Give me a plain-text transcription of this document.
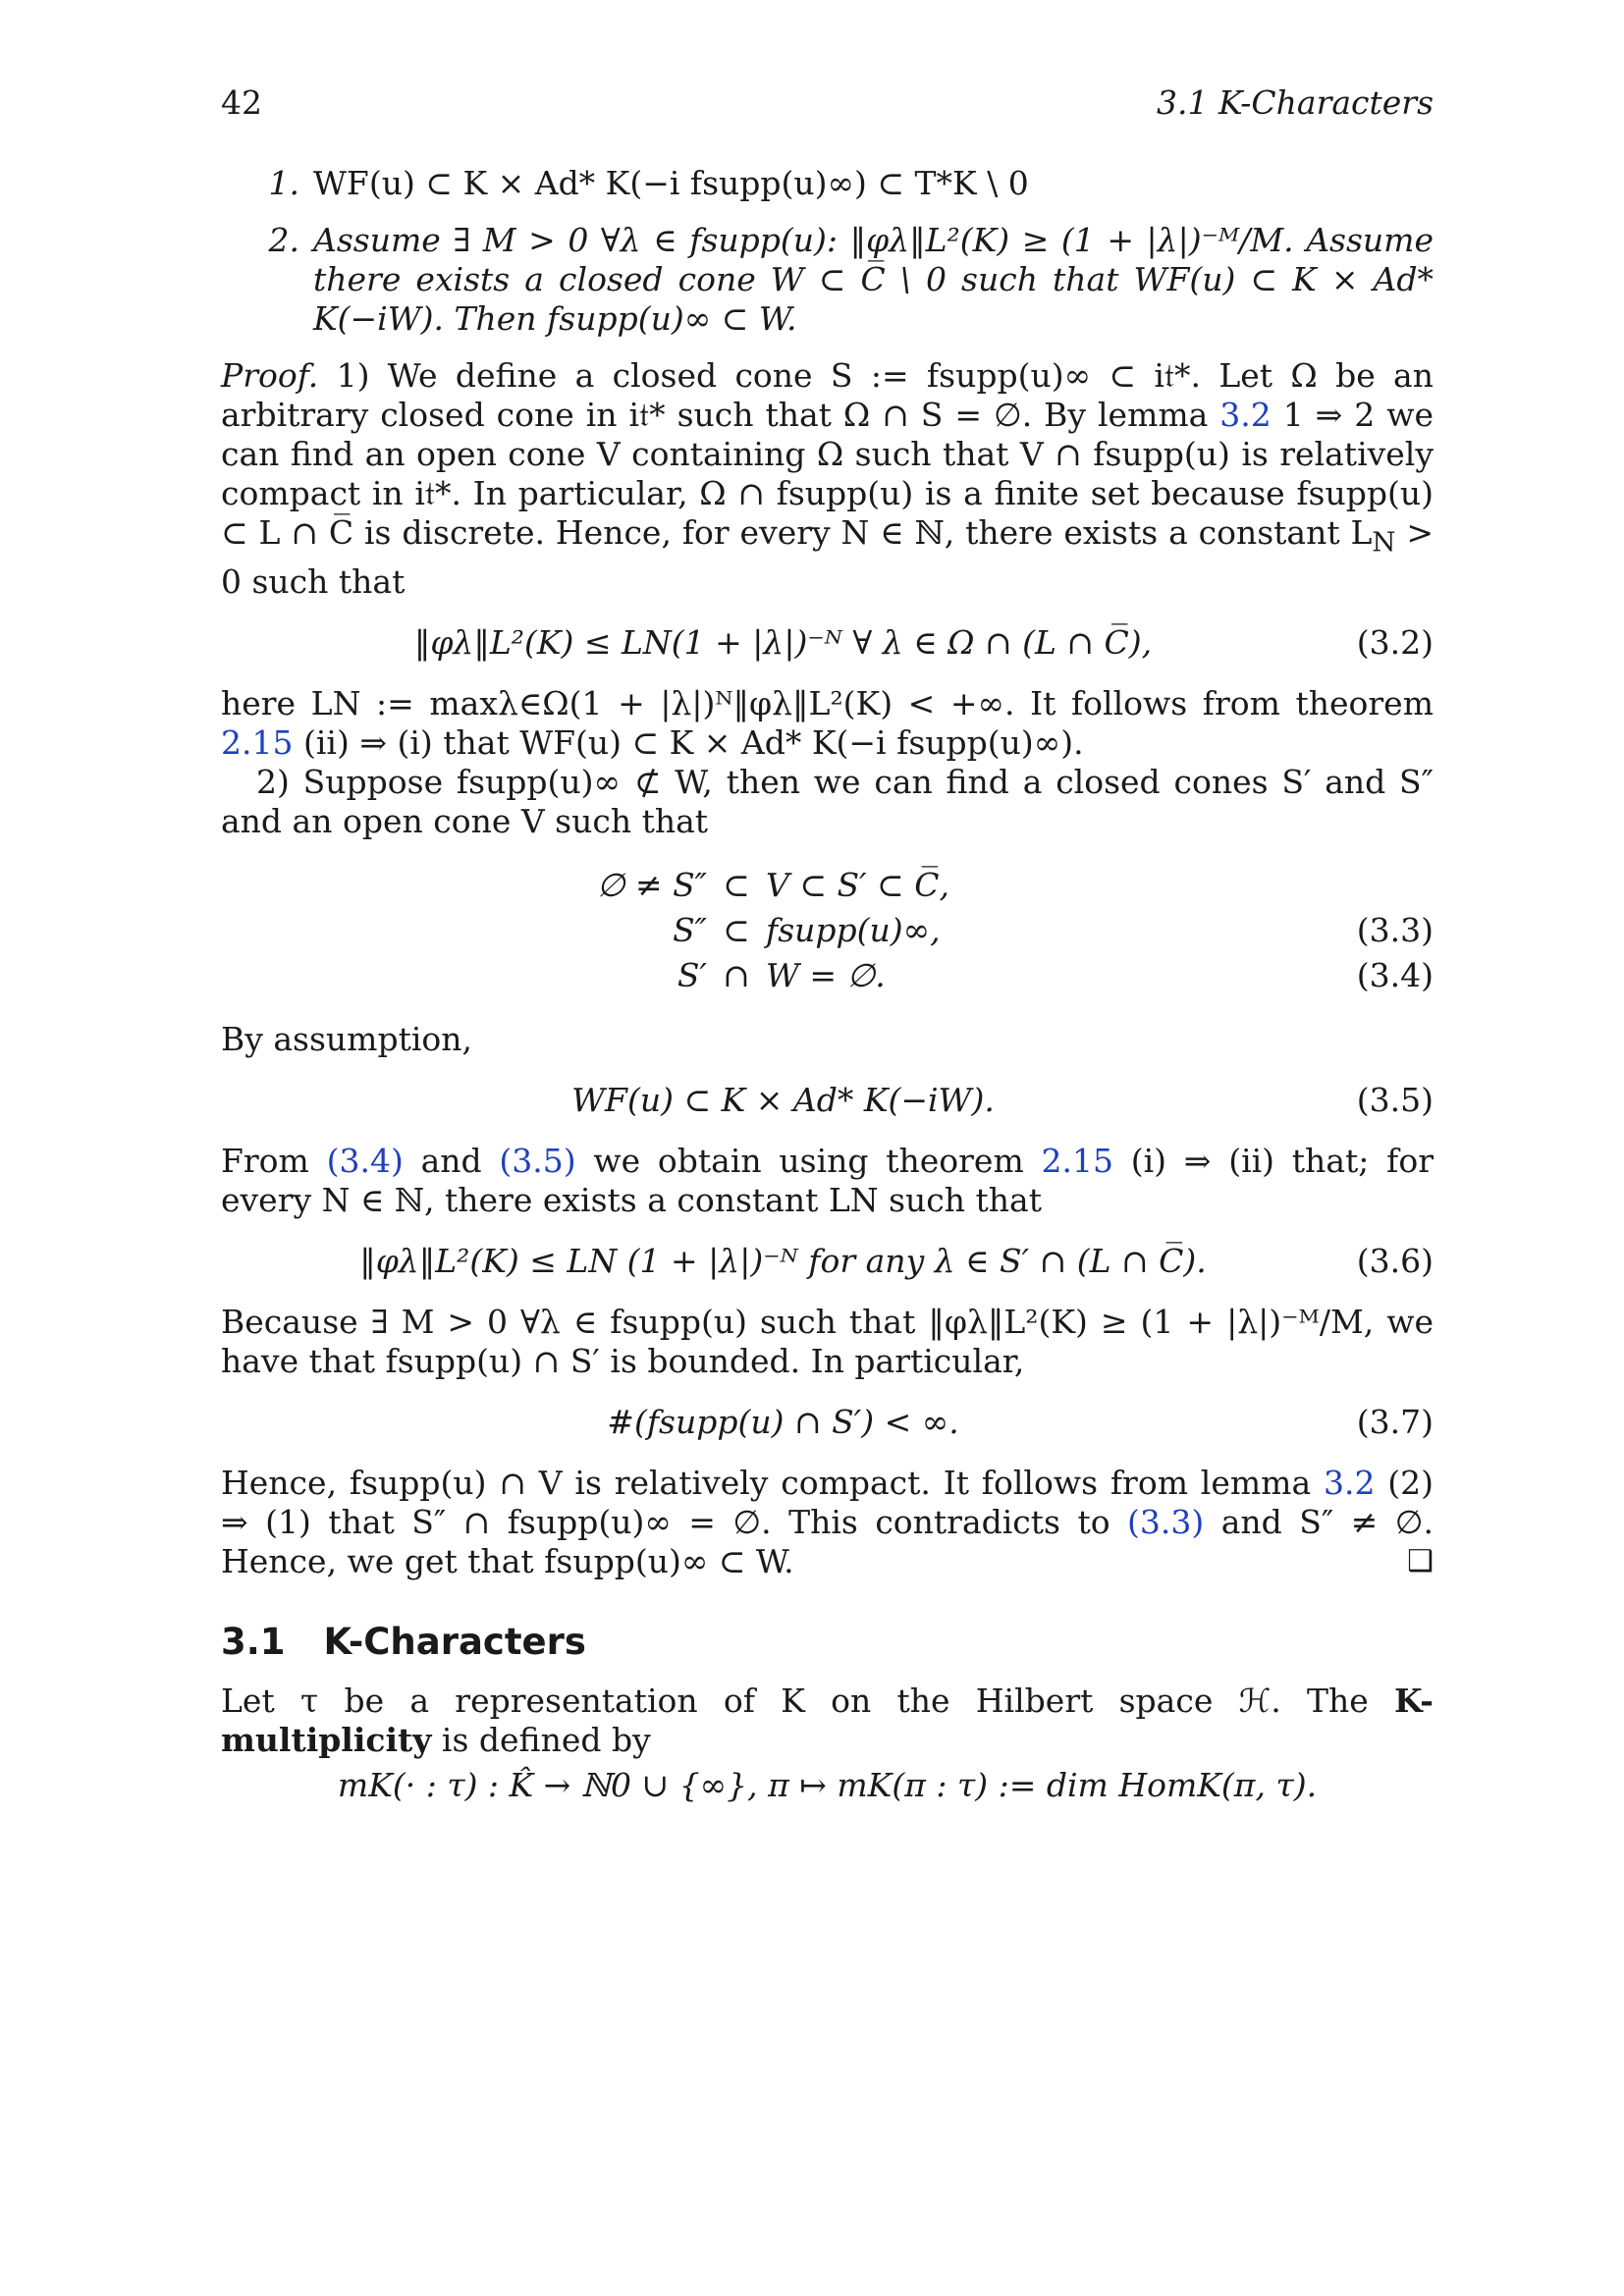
42	3.1 K-Characters
1. WF(u) ⊂ K × Ad* K(−i fsupp(u)∞) ⊂ T*K \ 0
2. Assume ∃ M > 0 ∀λ ∈ fsupp(u): ‖φλ‖L²(K) ≥ (1 + |λ|)⁻ᴹ/M. Assume there exists a closed cone W ⊂ C̅ \ 0 such that WF(u) ⊂ K × Ad* K(−iW). Then fsupp(u)∞ ⊂ W.

Proof. 1) We define a closed cone S := fsupp(u)∞ ⊂ i𝔱*. Let Ω be an arbitrary closed cone in i𝔱* such that Ω ∩ S = ∅. By lemma 3.2 1 ⇒ 2 we can find an open cone V containing Ω such that V ∩ fsupp(u) is relatively compact in i𝔱*. In particular, Ω ∩ fsupp(u) is a finite set because fsupp(u) ⊂ L ∩ C̅ is discrete. Hence, for every N ∈ ℕ, there exists a constant $L_N > 0$ such that

‖φλ‖L²(K) ≤ LN(1 + |λ|)⁻ᴺ ∀ λ ∈ Ω ∩ (L ∩ C̅),	(3.2)

here LN := maxλ∈Ω(1 + |λ|)ᴺ‖φλ‖L²(K) < +∞. It follows from theorem 2.15 (ii) ⇒ (i) that WF(u) ⊂ K × Ad* K(−i fsupp(u)∞).

2) Suppose fsupp(u)∞ ⊄ W, then we can find a closed cones S′ and S″ and an open cone V such that

∅ ≠ S″ ⊂ V ⊂ S′ ⊂ C̅,
S″ ⊂ fsupp(u)∞,	(3.3)
S′ ∩ W = ∅.	(3.4)

By assumption,

WF(u) ⊂ K × Ad* K(−iW).	(3.5)

From (3.4) and (3.5) we obtain using theorem 2.15 (i) ⇒ (ii) that; for every N ∈ ℕ, there exists a constant LN such that

‖φλ‖L²(K) ≤ LN (1 + |λ|)⁻ᴺ for any λ ∈ S′ ∩ (L ∩ C̅).	(3.6)

Because ∃ M > 0 ∀λ ∈ fsupp(u) such that ‖φλ‖L²(K) ≥ (1 + |λ|)⁻ᴹ/M, we have that fsupp(u) ∩ S′ is bounded. In particular,

#(fsupp(u) ∩ S′) < ∞.	(3.7)

Hence, fsupp(u) ∩ V is relatively compact. It follows from lemma 3.2 (2) ⇒ (1) that S″ ∩ fsupp(u)∞ = ∅. This contradicts to (3.3) and S″ ≠ ∅. Hence, we get that fsupp(u)∞ ⊂ W.	❑

3.1 K-Characters

Let τ be a representation of K on the Hilbert space ℋ. The K-multiplicity is defined by

mK(· : τ) : K̂ → ℕ0 ∪ {∞}, π ↦ mK(π : τ) := dim HomK(π, τ).
